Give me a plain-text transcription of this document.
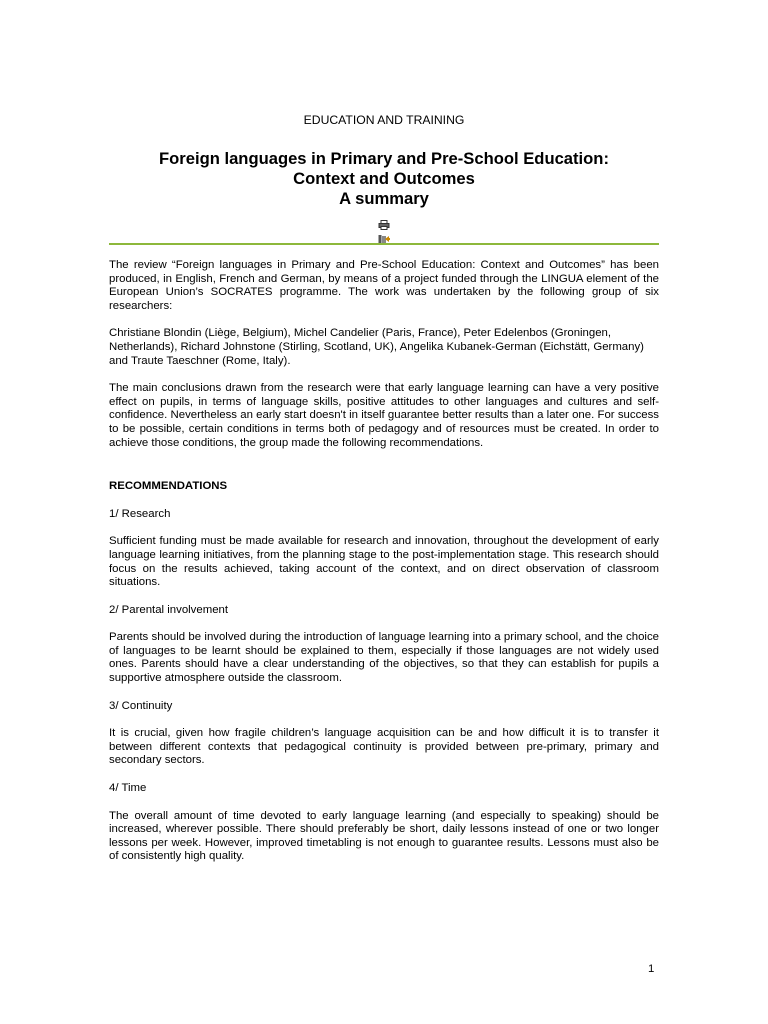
EDUCATION AND TRAINING
Foreign languages in Primary and Pre-School Education:
Context and Outcomes
A summary

The review “Foreign languages in Primary and Pre-School Education: Context and Outcomes” has been produced, in English, French and German, by means of a project funded through the LINGUA element of the European Union’s SOCRATES programme. The work was undertaken by the following group of six researchers:

Christiane Blondin (Liège, Belgium), Michel Candelier (Paris, France), Peter Edelenbos (Groningen, Netherlands), Richard Johnstone (Stirling, Scotland, UK), Angelika Kubanek-German (Eichstätt, Germany) and Traute Taeschner (Rome, Italy).

The main conclusions drawn from the research were that early language learning can have a very positive effect on pupils, in terms of language skills, positive attitudes to other languages and cultures and self-confidence. Nevertheless an early start doesn't in itself guarantee better results than a later one. For success to be possible, certain conditions in terms both of pedagogy and of resources must be created. In order to achieve those conditions, the group made the following recommendations.

RECOMMENDATIONS
1/ Research

Sufficient funding must be made available for research and innovation, throughout the development of early language learning initiatives, from the planning stage to the post-implementation stage. This research should focus on the results achieved, taking account of the context, and on direct observation of classroom situations.

2/ Parental involvement

Parents should be involved during the introduction of language learning into a primary school, and the choice of languages to be learnt should be explained to them, especially if those languages are not widely used ones. Parents should have a clear understanding of the objectives, so that they can establish for pupils a supportive atmosphere outside the classroom.

3/ Continuity

It is crucial, given how fragile children’s language acquisition can be and how difficult it is to transfer it between different contexts that pedagogical continuity is provided between pre-primary, primary and secondary sectors.

4/ Time

The overall amount of time devoted to early language learning (and especially to speaking) should be increased, wherever possible. There should preferably be short, daily lessons instead of one or two longer lessons per week. However, improved timetabling is not enough to guarantee results. Lessons must also be of consistently high quality.

1
